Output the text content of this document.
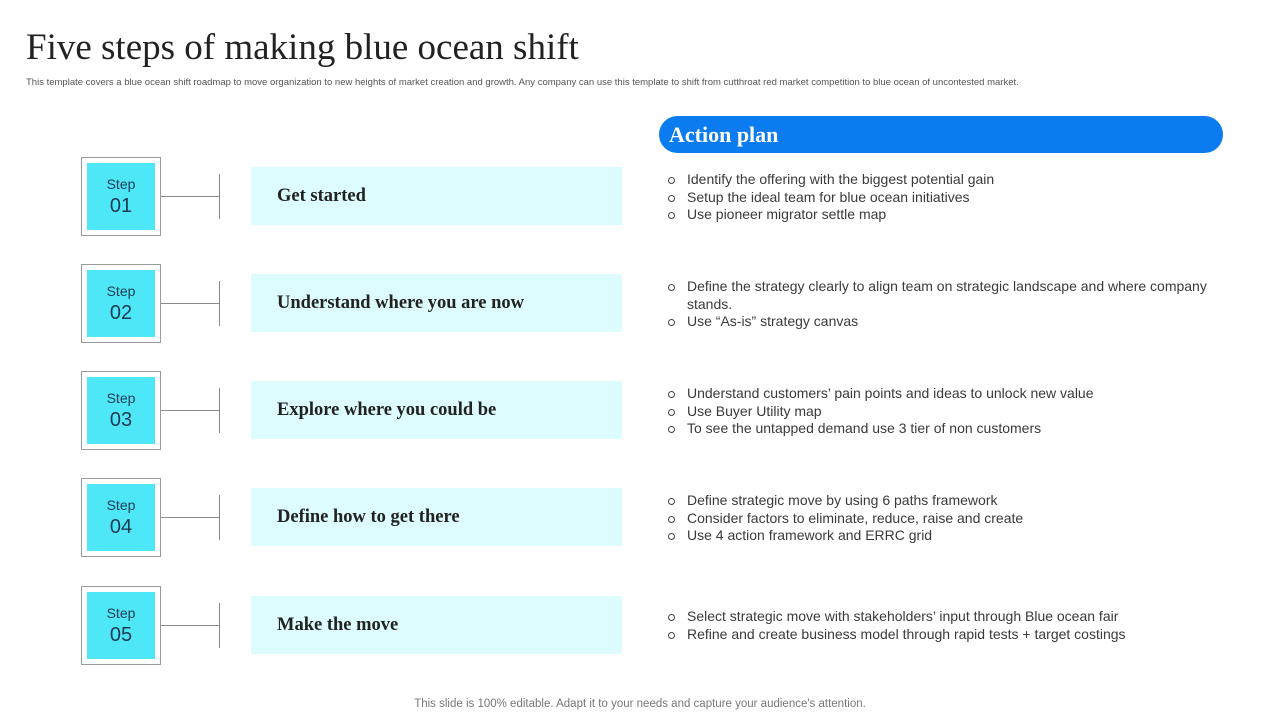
Five steps of making blue ocean shift
This template covers a blue ocean shift roadmap to move organization to new heights of market creation and growth. Any company can use this template to shift from cutthroat red market competition to blue ocean of uncontested market.
Action plan
Step
01	Get started
Step
02	Understand where you are now
Step
03	Explore where you could be
Step
04	Define how to get there
Step
05	Make the move
Identify the offering with the biggest potential gain
Setup the ideal team for blue ocean initiatives
Use pioneer migrator settle map
Define the strategy clearly to align team on strategic landscape and where company stands.
Use “As-is” strategy canvas
Understand customers’ pain points and ideas to unlock new value
Use Buyer Utility map
To see the untapped demand use 3 tier of non customers
Define strategic move by using 6 paths framework
Consider factors to eliminate, reduce, raise and create
Use 4 action framework and ERRC grid
Select strategic move with stakeholders’ input through Blue ocean fair
Refine and create business model through rapid tests + target costings
This slide is 100% editable. Adapt it to your needs and capture your audience's attention.
